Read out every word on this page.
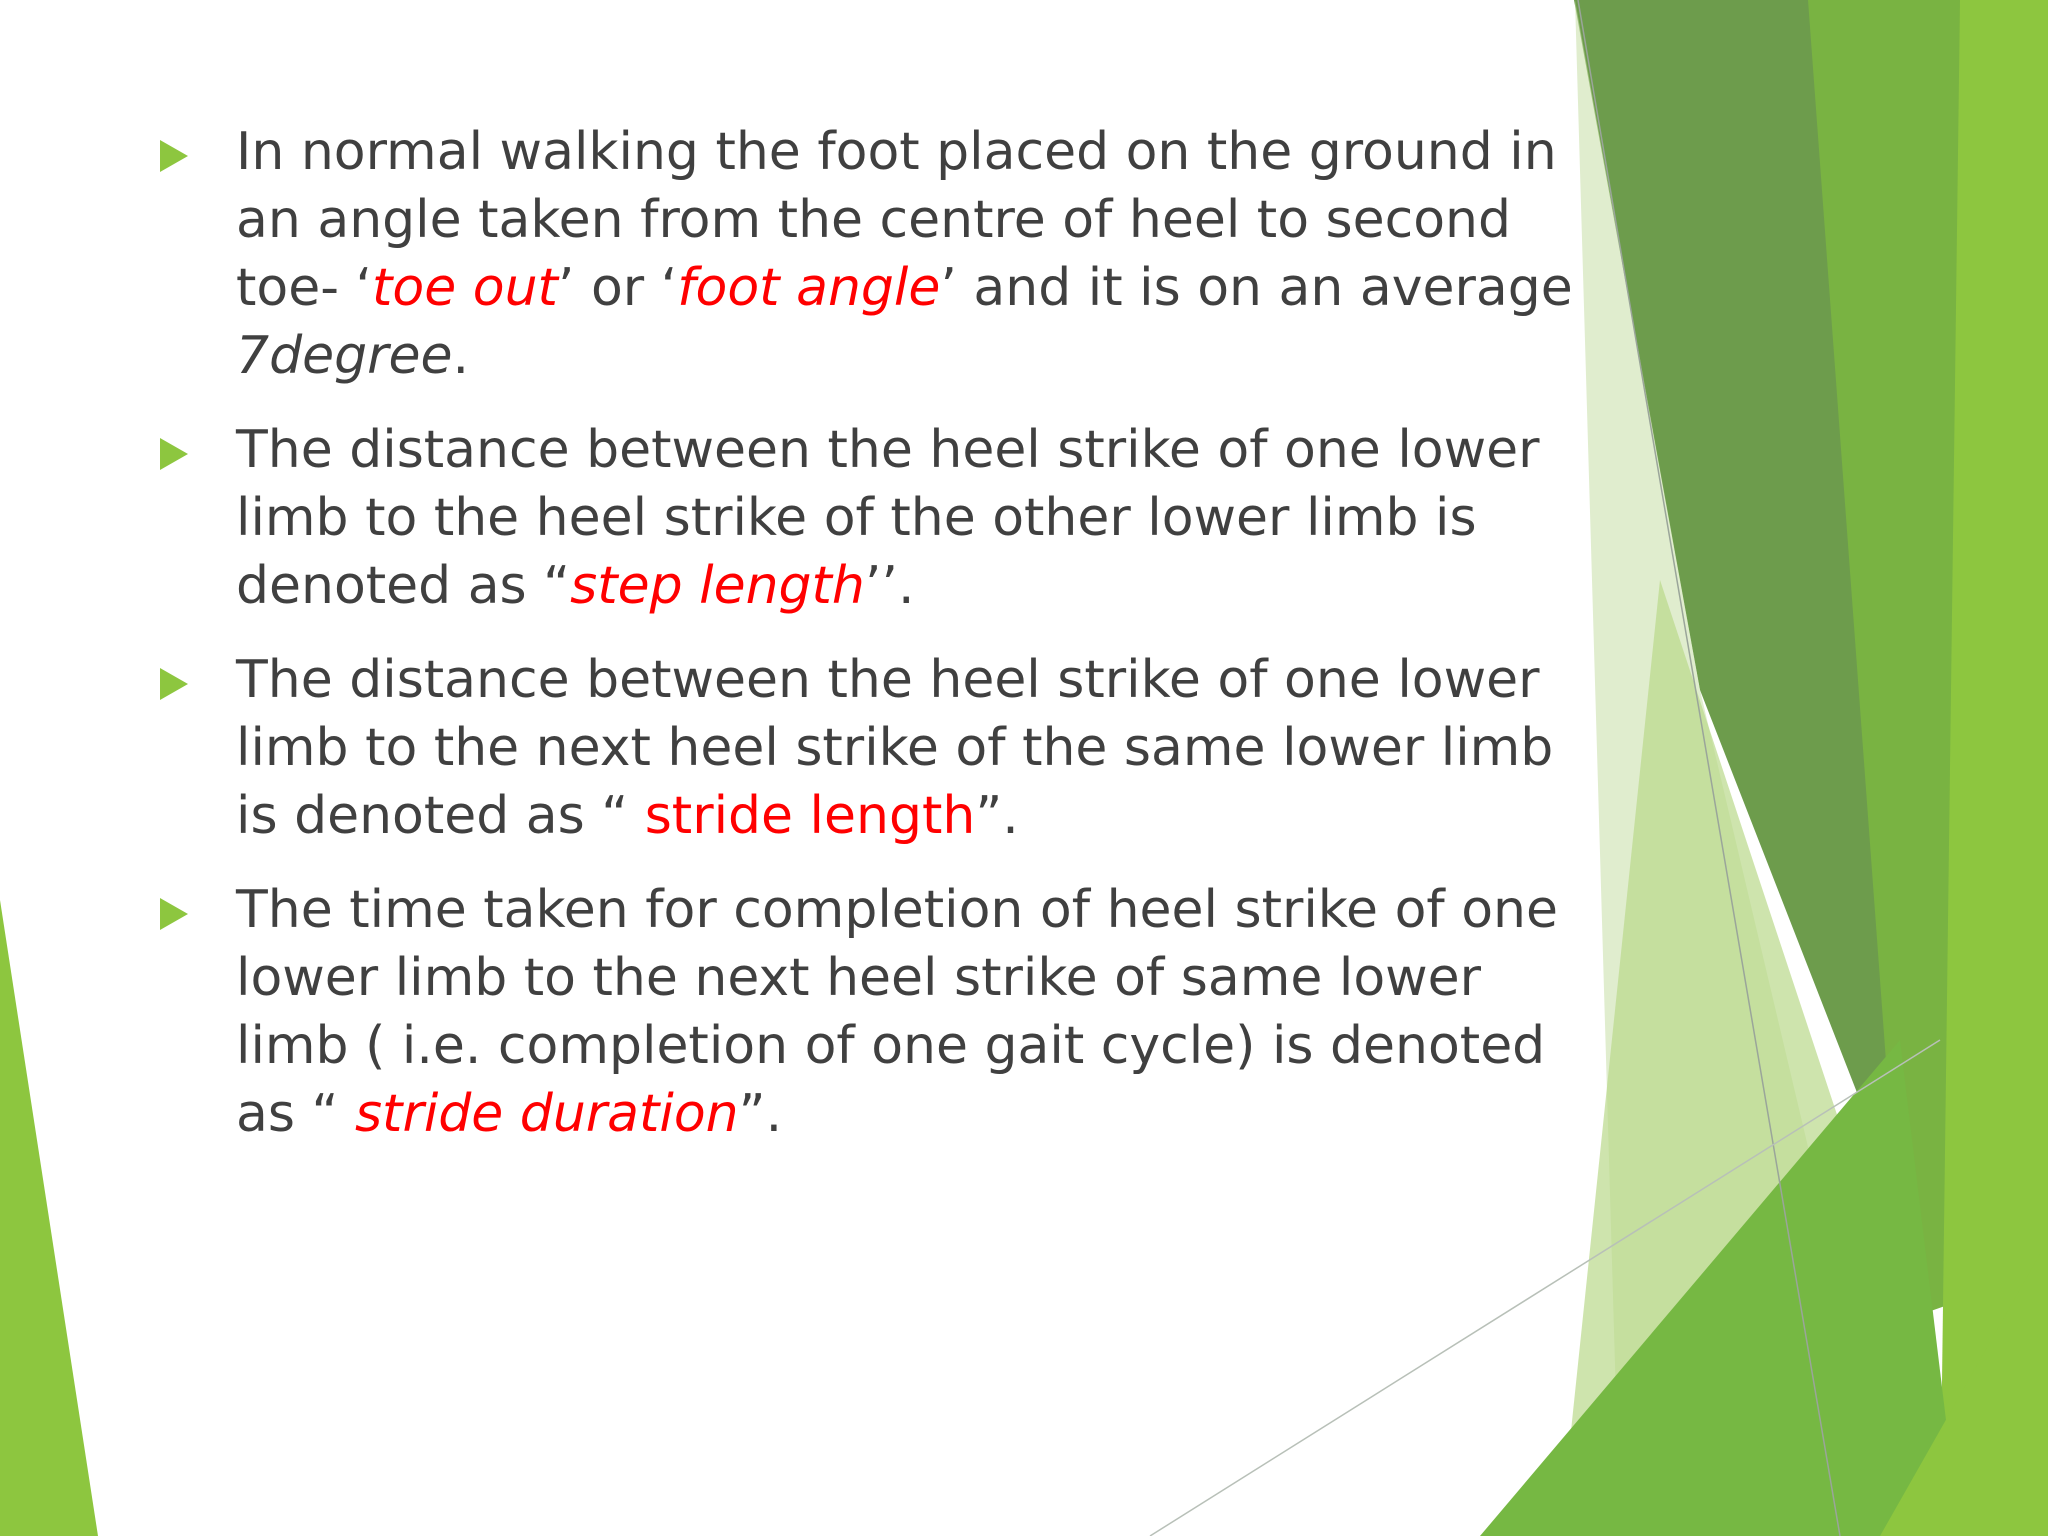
In normal walking the foot placed on the ground in an angle taken from the centre of heel to second toe- ‘toe out’ or ‘foot angle’ and it is on an average 7degree.
The distance between the heel strike of one lower limb to the heel strike of the other lower limb is denoted as “step length’’.
The distance between the heel strike of one lower limb to the next heel strike of the same lower limb is denoted as “ stride length”.
The time taken for completion of heel strike of one lower limb to the next heel strike of same lower limb ( i.e. completion of one gait cycle) is denoted as “ stride duration”.
